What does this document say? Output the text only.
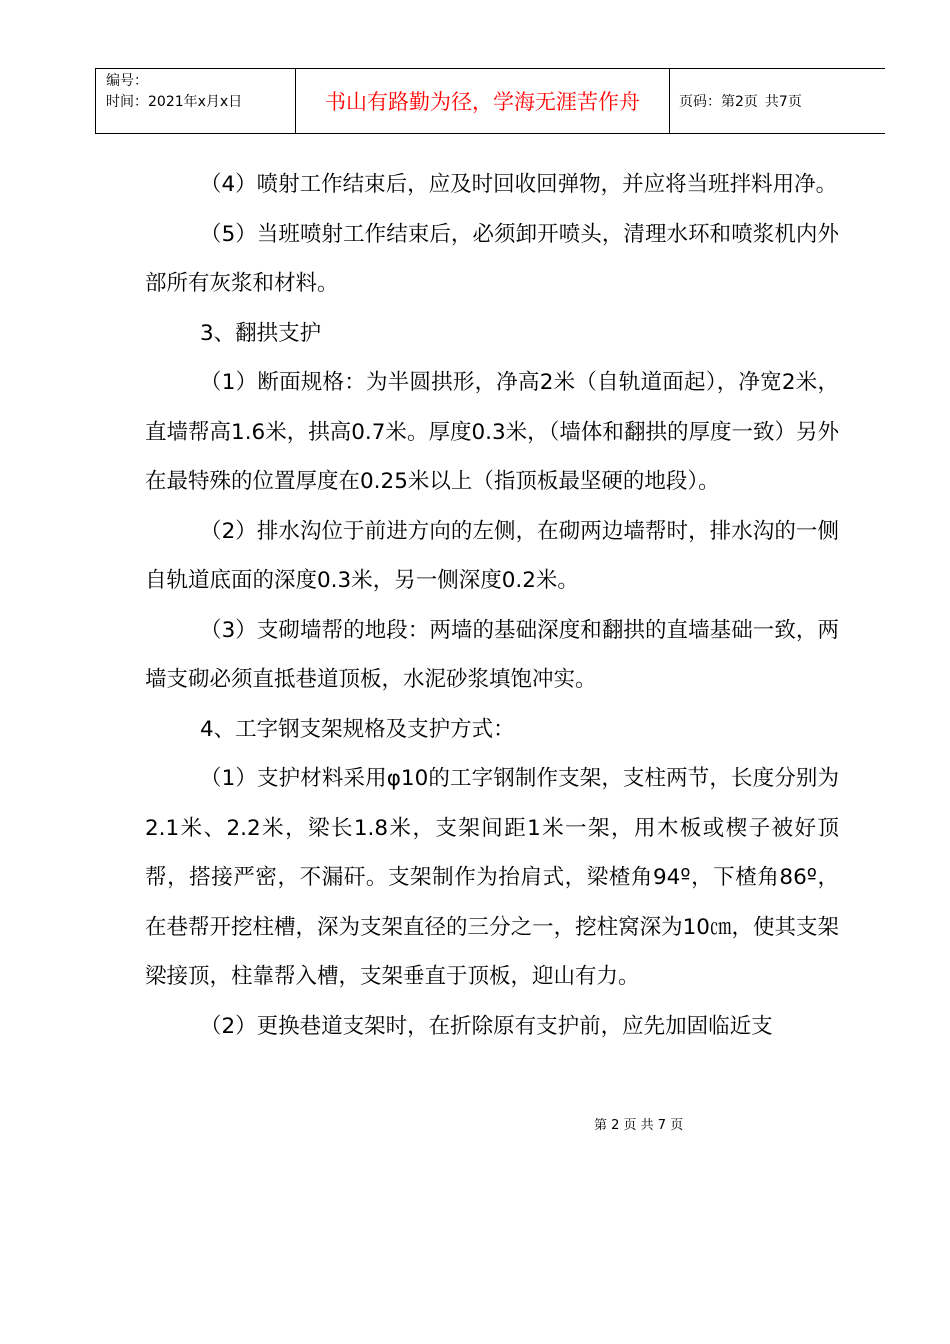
编号：
时间：2021年x月x日	书山有路勤为径，学海无涯苦作舟	页码：第2页 共7页

（4）喷射工作结束后，应及时回收回弹物，并应将当班拌料用净。

（5）当班喷射工作结束后，必须卸开喷头，清理水环和喷浆机内外部所有灰浆和材料。

3、翻拱支护

（1）断面规格：为半圆拱形，净高2米（自轨道面起），净宽2米，直墙帮高1.6米，拱高0.7米。厚度0.3米，（墙体和翻拱的厚度一致）另外在最特殊的位置厚度在0.25米以上（指顶板最坚硬的地段）。

（2）排水沟位于前进方向的左侧，在砌两边墙帮时，排水沟的一侧自轨道底面的深度0.3米，另一侧深度0.2米。

（3）支砌墙帮的地段：两墙的基础深度和翻拱的直墙基础一致，两墙支砌必须直抵巷道顶板，水泥砂浆填饱冲实。

4、工字钢支架规格及支护方式：

（1）支护材料采用φ10的工字钢制作支架，支柱两节，长度分别为2.1米、2.2米，梁长1.8米，支架间距1米一架，用木板或楔子被好顶帮，搭接严密，不漏矸。支架制作为抬肩式，梁楂角94º，下楂角86º，在巷帮开挖柱槽，深为支架直径的三分之一，挖柱窝深为10㎝，使其支架梁接顶，柱靠帮入槽，支架垂直于顶板，迎山有力。

（2）更换巷道支架时，在折除原有支护前，应先加固临近支

第 2 页 共 7 页
